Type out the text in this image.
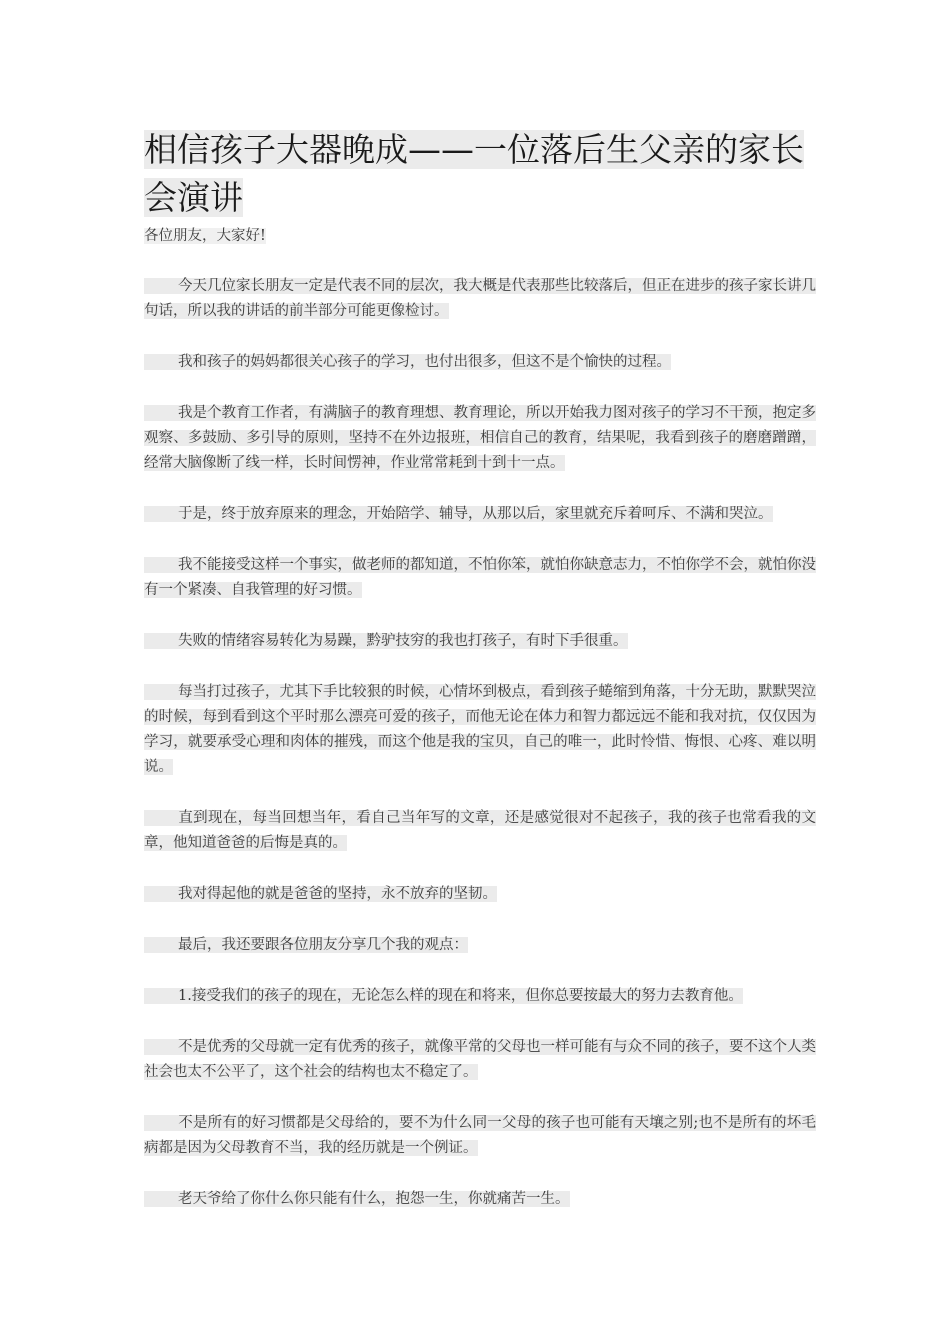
相信孩子大器晚成——一位落后生父亲的家长会演讲

各位朋友，大家好!

今天几位家长朋友一定是代表不同的层次，我大概是代表那些比较落后，但正在进步的孩子家长讲几句话，所以我的讲话的前半部分可能更像检讨。

我和孩子的妈妈都很关心孩子的学习，也付出很多，但这不是个愉快的过程。

我是个教育工作者，有满脑子的教育理想、教育理论，所以开始我力图对孩子的学习不干预，抱定多观察、多鼓励、多引导的原则，坚持不在外边报班，相信自己的教育，结果呢，我看到孩子的磨磨蹭蹭，经常大脑像断了线一样，长时间愣神，作业常常耗到十到十一点。

于是，终于放弃原来的理念，开始陪学、辅导，从那以后，家里就充斥着呵斥、不满和哭泣。

我不能接受这样一个事实，做老师的都知道，不怕你笨，就怕你缺意志力，不怕你学不会，就怕你没有一个紧凑、自我管理的好习惯。

失败的情绪容易转化为易躁，黔驴技穷的我也打孩子，有时下手很重。

每当打过孩子，尤其下手比较狠的时候，心情坏到极点，看到孩子蜷缩到角落，十分无助，默默哭泣的时候，每到看到这个平时那么漂亮可爱的孩子，而他无论在体力和智力都远远不能和我对抗，仅仅因为学习，就要承受心理和肉体的摧残，而这个他是我的宝贝，自己的唯一，此时怜惜、悔恨、心疼、难以明说。

直到现在，每当回想当年，看自己当年写的文章，还是感觉很对不起孩子，我的孩子也常看我的文章，他知道爸爸的后悔是真的。

我对得起他的就是爸爸的坚持，永不放弃的坚韧。

最后，我还要跟各位朋友分享几个我的观点：

1.接受我们的孩子的现在，无论怎么样的现在和将来，但你总要按最大的努力去教育他。

不是优秀的父母就一定有优秀的孩子，就像平常的父母也一样可能有与众不同的孩子，要不这个人类社会也太不公平了，这个社会的结构也太不稳定了。

不是所有的好习惯都是父母给的，要不为什么同一父母的孩子也可能有天壤之别;也不是所有的坏毛病都是因为父母教育不当，我的经历就是一个例证。

老天爷给了你什么你只能有什么，抱怨一生，你就痛苦一生。
